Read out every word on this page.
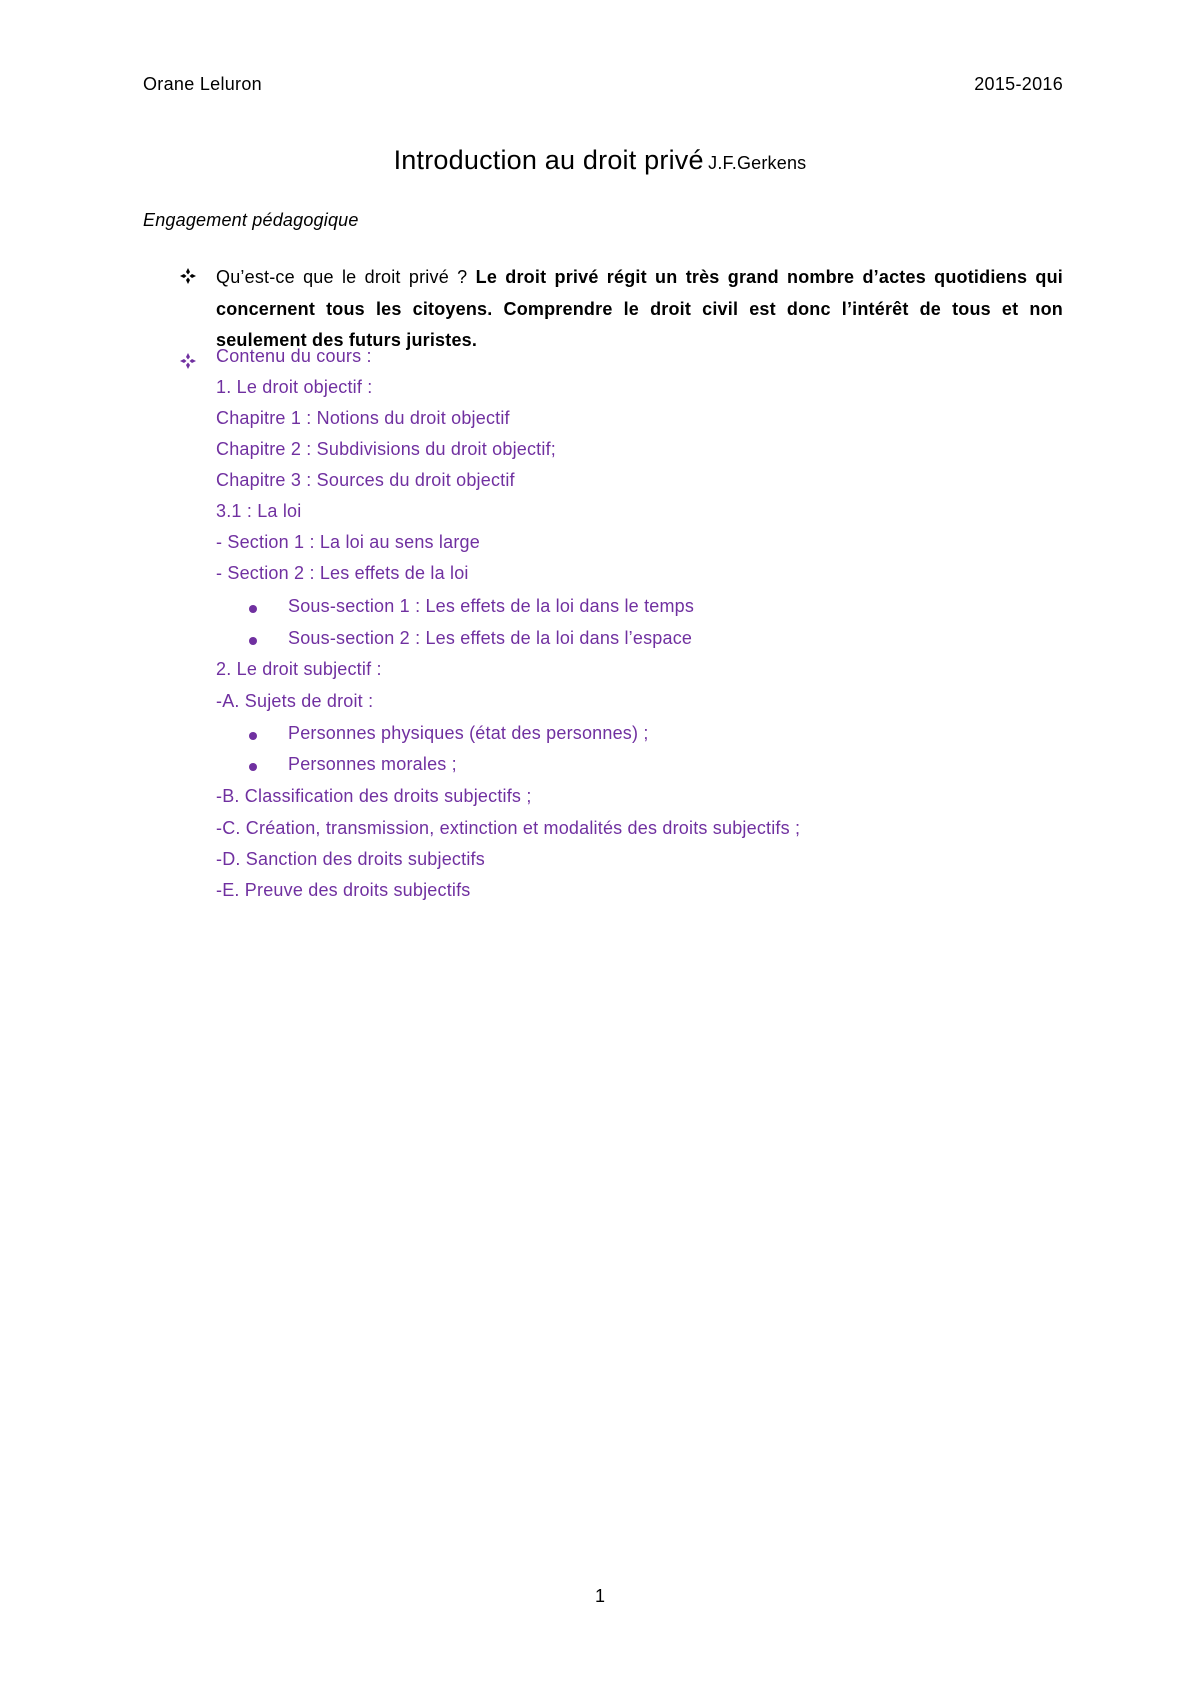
Orane Leluron	2015-2016
Introduction au droit privé J.F.Gerkens
Engagement pédagogique
Qu’est-ce que le droit privé ? Le droit privé régit un très grand nombre d’actes quotidiens qui concernent tous les citoyens. Comprendre le droit civil est donc l’intérêt de tous et non seulement des futurs juristes.
Contenu du cours :
1. Le droit objectif :
Chapitre 1 : Notions du droit objectif
Chapitre 2 : Subdivisions du droit objectif;
Chapitre 3 : Sources du droit objectif
3.1 : La loi
- Section 1 : La loi au sens large
- Section 2 : Les effets de la loi
Sous-section 1 : Les effets de la loi dans le temps
Sous-section 2 : Les effets de la loi dans l’espace
2. Le droit subjectif :
-A. Sujets de droit :
Personnes physiques (état des personnes) ;
Personnes morales ;
-B. Classification des droits subjectifs ;
-C. Création, transmission, extinction et modalités des droits subjectifs ;
-D. Sanction des droits subjectifs
-E. Preuve des droits subjectifs
1
